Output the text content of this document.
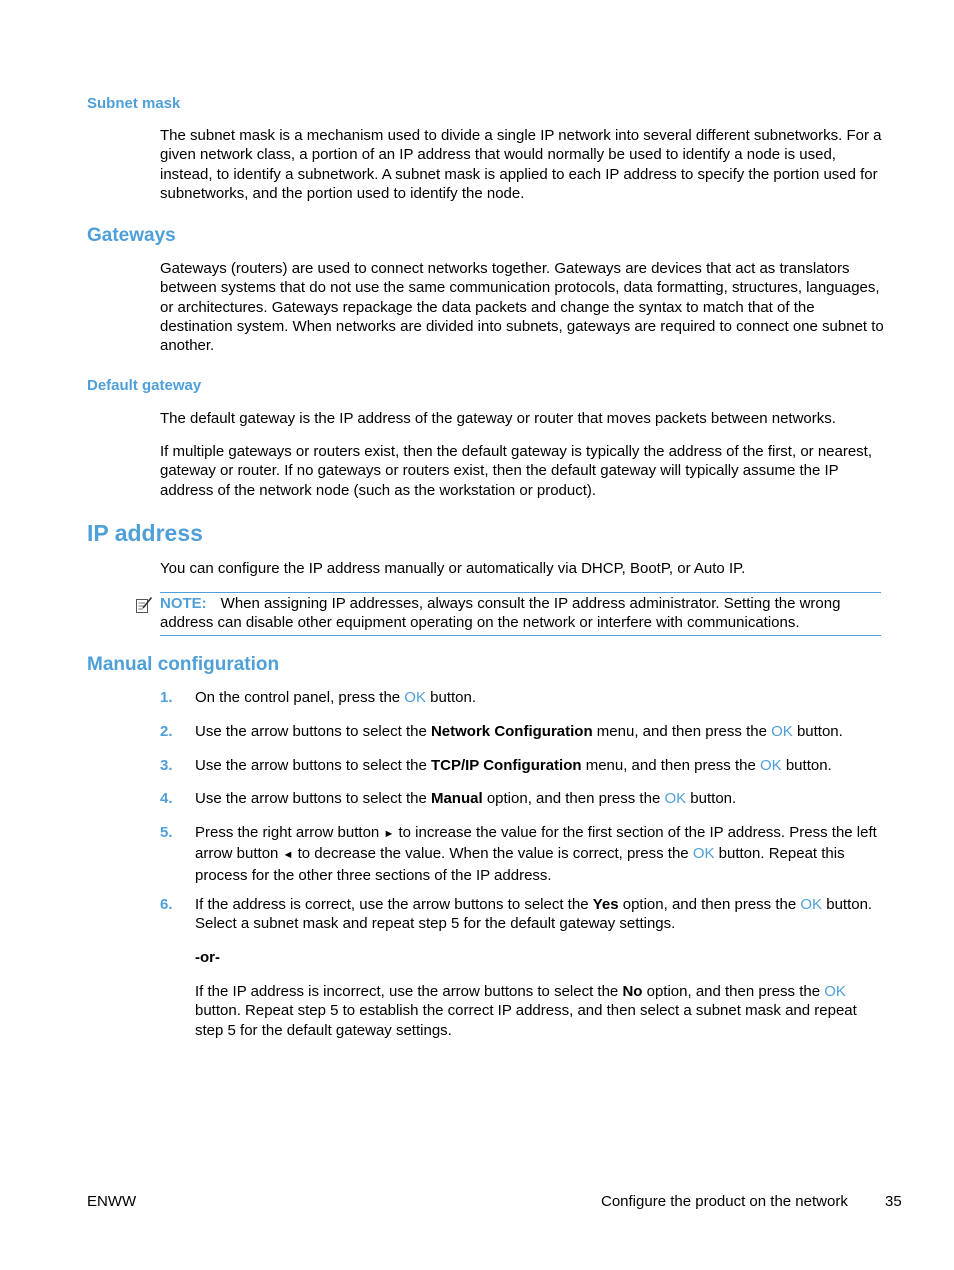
Subnet mask

The subnet mask is a mechanism used to divide a single IP network into several different subnetworks. For a given network class, a portion of an IP address that would normally be used to identify a node is used, instead, to identify a subnetwork. A subnet mask is applied to each IP address to specify the portion used for subnetworks, and the portion used to identify the node.

Gateways

Gateways (routers) are used to connect networks together. Gateways are devices that act as translators between systems that do not use the same communication protocols, data formatting, structures, languages, or architectures. Gateways repackage the data packets and change the syntax to match that of the destination system. When networks are divided into subnets, gateways are required to connect one subnet to another.

Default gateway

The default gateway is the IP address of the gateway or router that moves packets between networks.

If multiple gateways or routers exist, then the default gateway is typically the address of the first, or nearest, gateway or router. If no gateways or routers exist, then the default gateway will typically assume the IP address of the network node (such as the workstation or product).

IP address

You can configure the IP address manually or automatically via DHCP, BootP, or Auto IP.

NOTE: When assigning IP addresses, always consult the IP address administrator. Setting the wrong address can disable other equipment operating on the network or interfere with communications.
Manual configuration
1. On the control panel, press the OK button.
2. Use the arrow buttons to select the Network Configuration menu, and then press the OK button.
3. Use the arrow buttons to select the TCP/IP Configuration menu, and then press the OK button.
4. Use the arrow buttons to select the Manual option, and then press the OK button.
5. Press the right arrow button ► to increase the value for the first section of the IP address. Press the left arrow button ◄ to decrease the value. When the value is correct, press the OK button. Repeat this process for the other three sections of the IP address.
6. If the address is correct, use the arrow buttons to select the Yes option, and then press the OK button. Select a subnet mask and repeat step 5 for the default gateway settings.
-or-
If the IP address is incorrect, use the arrow buttons to select the No option, and then press the OK button. Repeat step 5 to establish the correct IP address, and then select a subnet mask and repeat step 5 for the default gateway settings.
ENWW	Configure the product on the network 35
